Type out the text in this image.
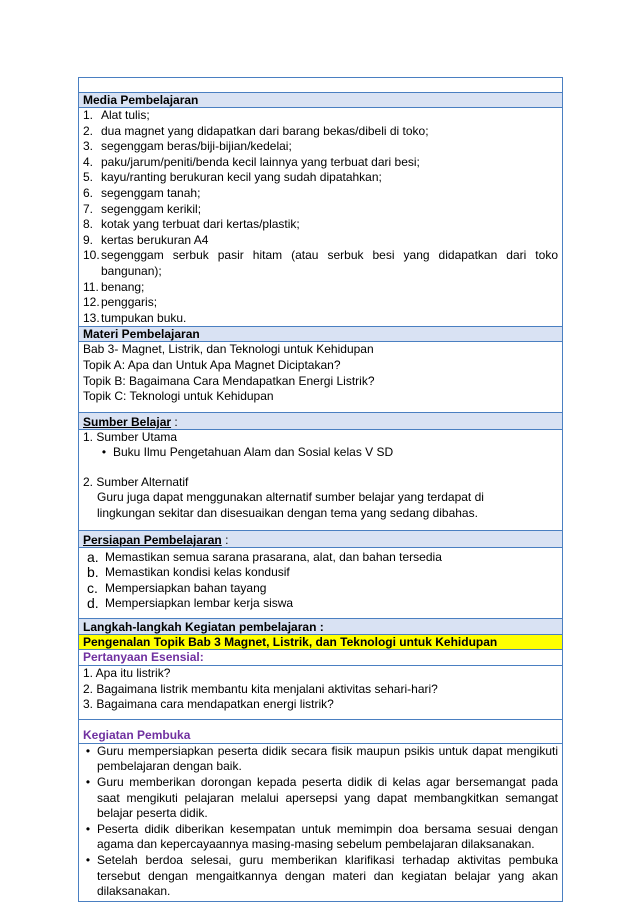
Media Pembelajaran
1. Alat tulis;
2. dua magnet yang didapatkan dari barang bekas/dibeli di toko;
3. segenggam beras/biji-bijian/kedelai;
4. paku/jarum/peniti/benda kecil lainnya yang terbuat dari besi;
5. kayu/ranting berukuran kecil yang sudah dipatahkan;
6. segenggam tanah;
7. segenggam kerikil;
8. kotak yang terbuat dari kertas/plastik;
9. kertas berukuran A4
10. segenggam serbuk pasir hitam (atau serbuk besi yang didapatkan dari toko bangunan);
11. benang;
12. penggaris;
13. tumpukan buku.
Materi Pembelajaran
Bab 3- Magnet, Listrik, dan Teknologi untuk Kehidupan
Topik A: Apa dan Untuk Apa Magnet Diciptakan?
Topik B: Bagaimana Cara Mendapatkan Energi Listrik?
Topik C: Teknologi untuk Kehidupan
Sumber Belajar :
1. Sumber Utama
• Buku Ilmu Pengetahuan Alam dan Sosial kelas V SD
2. Sumber Alternatif
Guru juga dapat menggunakan alternatif sumber belajar yang terdapat di lingkungan sekitar dan disesuaikan dengan tema yang sedang dibahas.
Persiapan Pembelajaran :
a. Memastikan semua sarana prasarana, alat, dan bahan tersedia
b. Memastikan kondisi kelas kondusif
c. Mempersiapkan bahan tayang
d. Mempersiapkan lembar kerja siswa
Langkah-langkah Kegiatan pembelajaran :
Pengenalan Topik Bab 3 Magnet, Listrik, dan Teknologi untuk Kehidupan
Pertanyaan Esensial:
1. Apa itu listrik?
2. Bagaimana listrik membantu kita menjalani aktivitas sehari-hari?
3. Bagaimana cara mendapatkan energi listrik?
Kegiatan Pembuka
• Guru mempersiapkan peserta didik secara fisik maupun psikis untuk dapat mengikuti pembelajaran dengan baik.
• Guru memberikan dorongan kepada peserta didik di kelas agar bersemangat pada saat mengikuti pelajaran melalui apersepsi yang dapat membangkitkan semangat belajar peserta didik.
• Peserta didik diberikan kesempatan untuk memimpin doa bersama sesuai dengan agama dan kepercayaannya masing-masing sebelum pembelajaran dilaksanakan.
• Setelah berdoa selesai, guru memberikan klarifikasi terhadap aktivitas pembuka tersebut dengan mengaitkannya dengan materi dan kegiatan belajar yang akan dilaksanakan.
